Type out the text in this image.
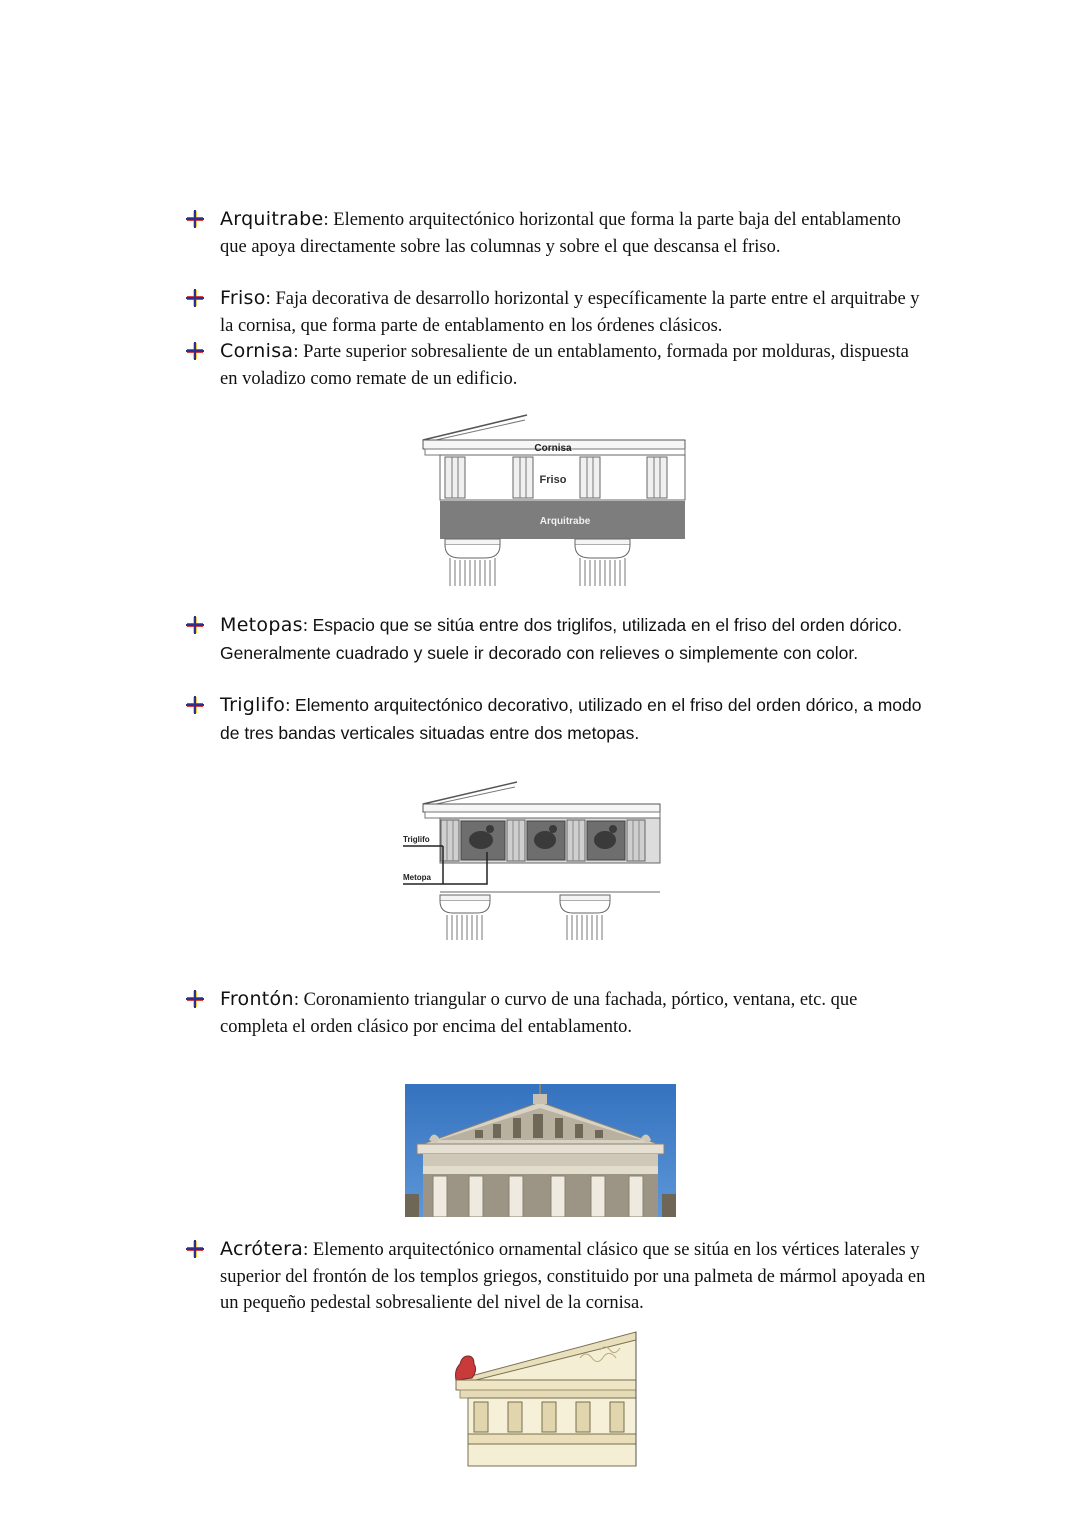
Arquitrabe: Elemento arquitectónico horizontal que forma la parte baja del entablamento que apoya directamente sobre las columnas y sobre el que descansa el friso.
Friso: Faja decorativa de desarrollo horizontal y específicamente la parte entre el arquitrabe y la cornisa, que forma parte de entablamento en los órdenes clásicos.
Cornisa: Parte superior sobresaliente de un entablamento, formada por molduras, dispuesta en voladizo como remate de un edificio.
Cornisa
Friso
Arquitrabe
Metopas: Espacio que se sitúa entre dos triglifos, utilizada en el friso del orden dórico. Generalmente cuadrado y suele ir decorado con relieves o simplemente con color.
Triglifo: Elemento arquitectónico decorativo, utilizado en el friso del orden dórico, a modo de tres bandas verticales situadas entre dos metopas.
Triglifo
Metopa
Frontón: Coronamiento triangular o curvo de una fachada, pórtico, ventana, etc. que completa el orden clásico por encima del entablamento.
Acrótera: Elemento arquitectónico ornamental clásico que se sitúa en los vértices laterales y superior del frontón de los templos griegos, constituido por una palmeta de mármol apoyada en un pequeño pedestal sobresaliente del nivel de la cornisa.
